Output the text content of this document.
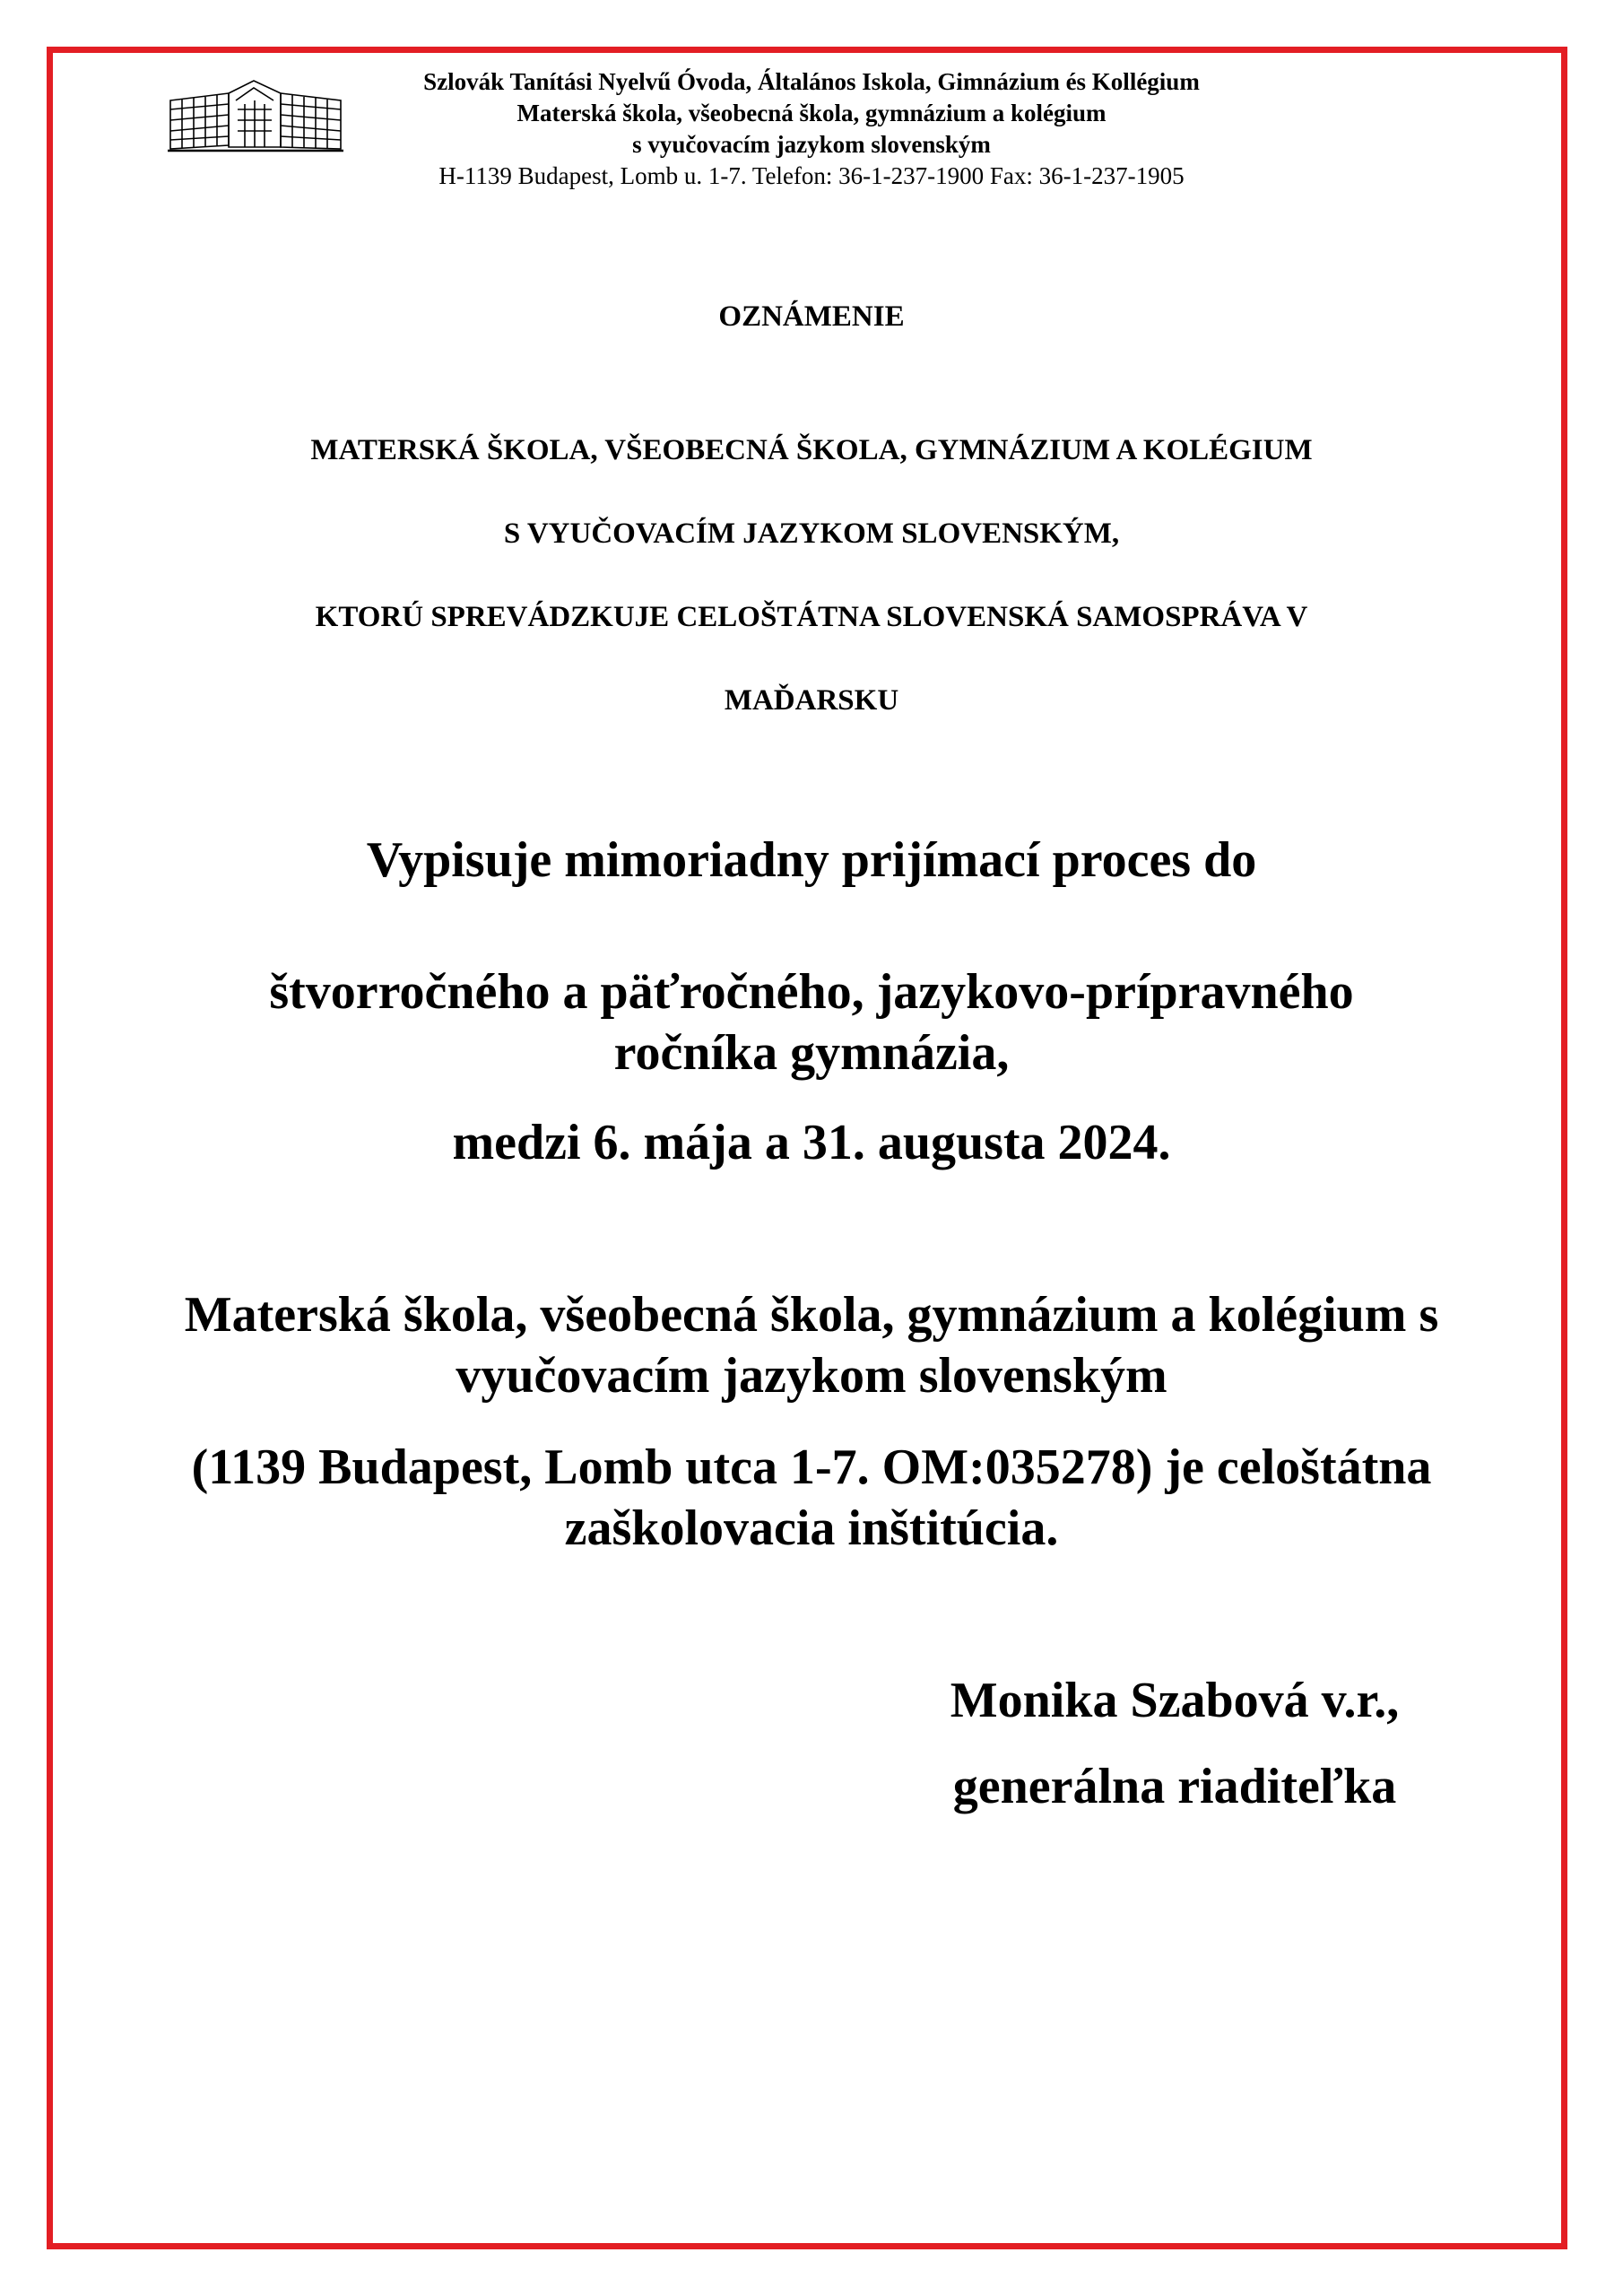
Szlovák Tanítási Nyelvű Óvoda, Általános Iskola, Gimnázium és Kollégium
Materská škola, všeobecná škola, gymnázium a kolégium
s vyučovacím jazykom slovenským
H-1139 Budapest, Lomb u. 1-7. Telefon: 36-1-237-1900 Fax: 36-1-237-1905
OZNÁMENIE
MATERSKÁ ŠKOLA, VŠEOBECNÁ ŠKOLA, GYMNÁZIUM A KOLÉGIUM
S VYUČOVACÍM JAZYKOM SLOVENSKÝM,
KTORÚ SPREVÁDZKUJE CELOŠTÁTNA SLOVENSKÁ SAMOSPRÁVA V
MAĎARSKU
Vypisuje mimoriadny prijímací proces do
štvorročného a päťročného, jazykovo-prípravného
ročníka gymnázia,
medzi 6. mája a 31. augusta 2024.
Materská škola, všeobecná škola, gymnázium a kolégium s
vyučovacím jazykom slovenským
(1139 Budapest, Lomb utca 1-7. OM:035278) je celoštátna
zaškolovacia inštitúcia.
Monika Szabová v.r.,
generálna riaditeľka
